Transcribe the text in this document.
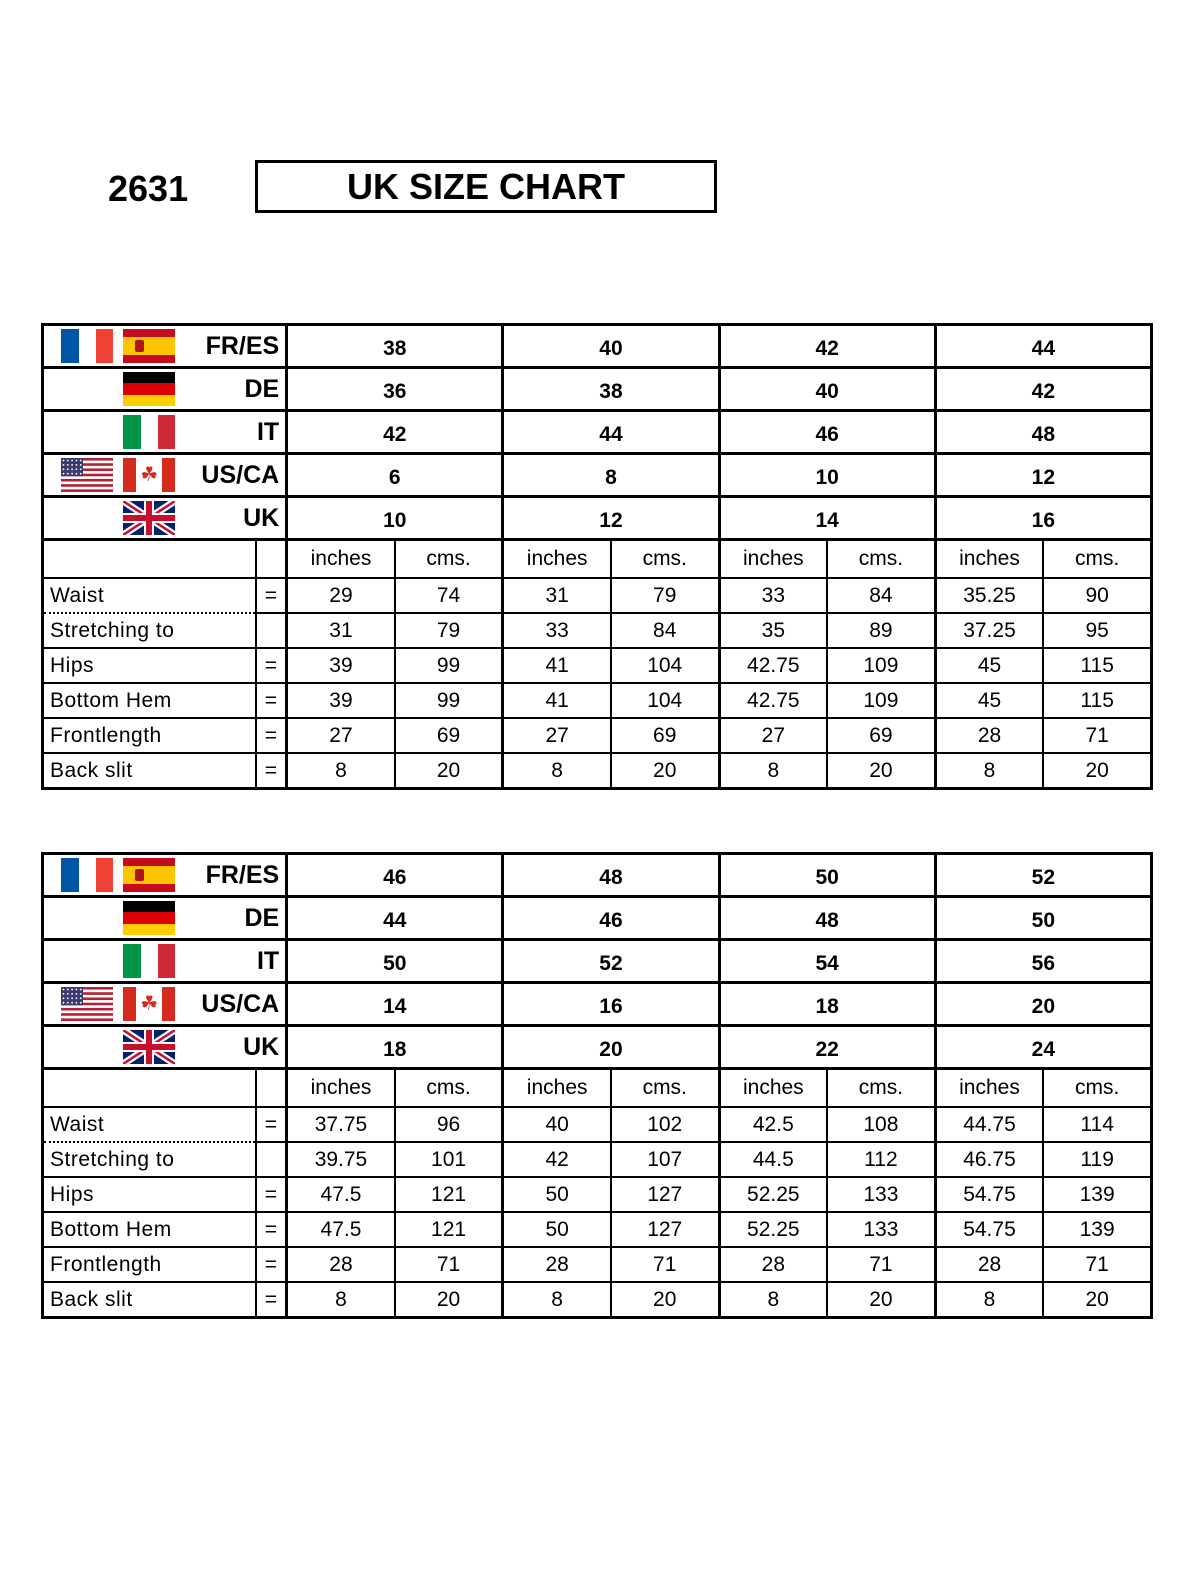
2631	UK SIZE CHART
FR/ES		38		40		42		44	

DE		36		38		40		42	

IT		42		44		46		48	

☘ US/CA		6		8		10		12	

UK		10		12		14		16	
		inches	cms.	inches	cms.	inches	cms.	inches	cms.
Waist	=	29	74	31	79	33	84	35.25	90
Stretching to		31	79	33	84	35	89	37.25	95
Hips	=	39	99	41	104	42.75	109	45	115
Bottom Hem	=	39	99	41	104	42.75	109	45	115
Frontlength	=	27	69	27	69	27	69	28	71
Back slit	=	8	20	8	20	8	20	8	20
FR/ES		46		48		50		52	

DE		44		46		48		50	

IT		50		52		54		56	

☘ US/CA		14		16		18		20	

UK		18		20		22		24	
		inches	cms.	inches	cms.	inches	cms.	inches	cms.
Waist	=	37.75	96	40	102	42.5	108	44.75	114
Stretching to		39.75	101	42	107	44.5	112	46.75	119
Hips	=	47.5	121	50	127	52.25	133	54.75	139
Bottom Hem	=	47.5	121	50	127	52.25	133	54.75	139
Frontlength	=	28	71	28	71	28	71	28	71
Back slit	=	8	20	8	20	8	20	8	20
